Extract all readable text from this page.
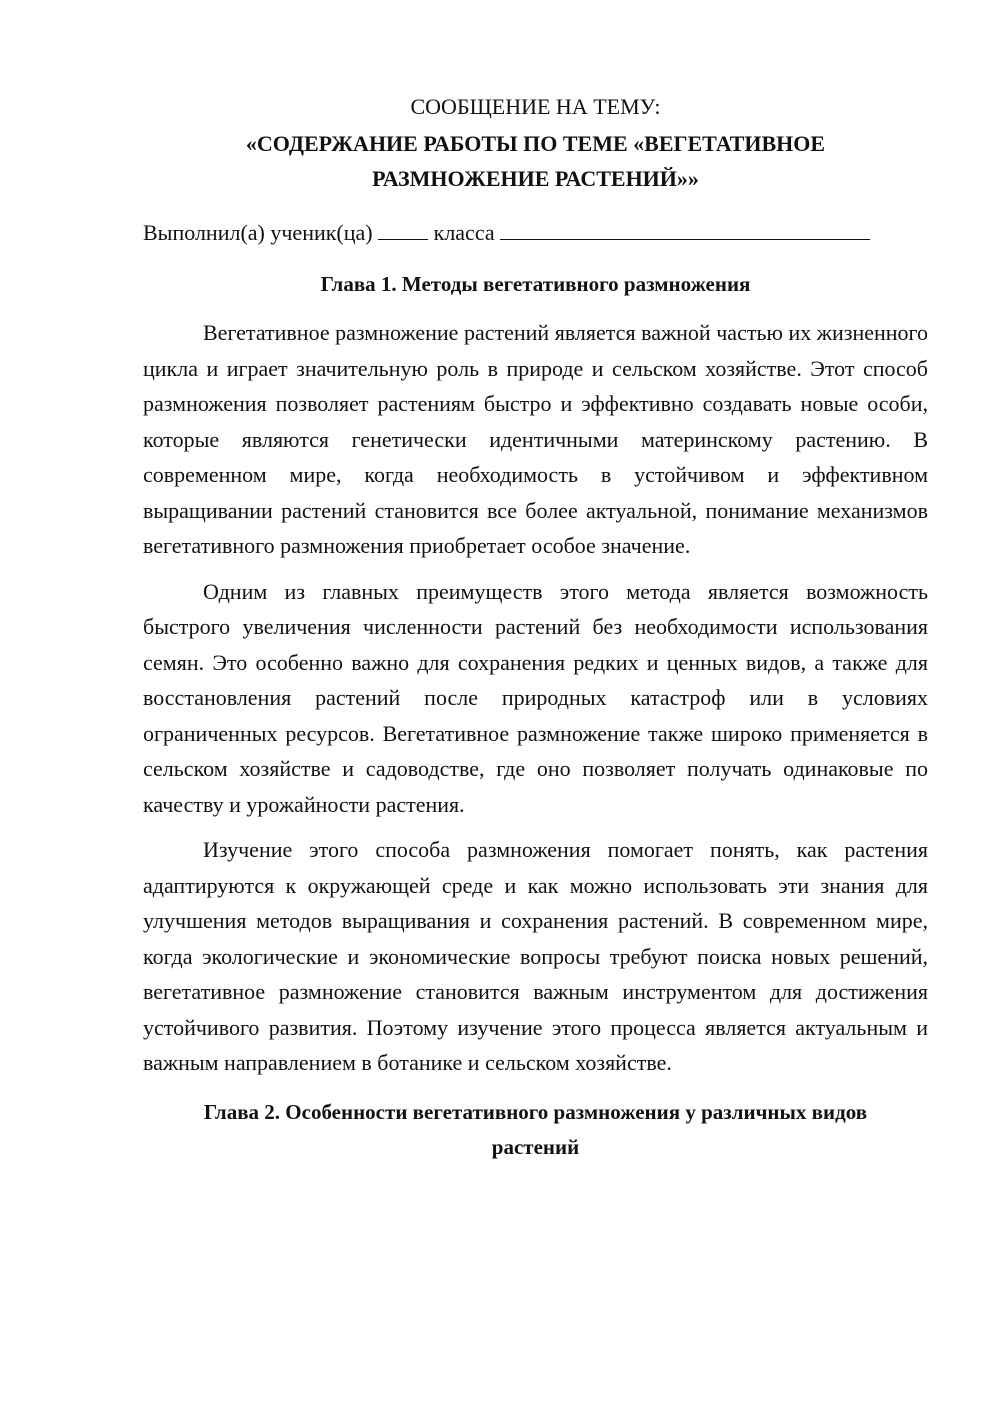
СООБЩЕНИЕ НА ТЕМУ:

«СОДЕРЖАНИЕ РАБОТЫ ПО ТЕМЕ «ВЕГЕТАТИВНОЕ
РАЗМНОЖЕНИЕ РАСТЕНИЙ»»
Выполнил(а) ученик(ца)	класса
Глава 1. Методы вегетативного размножения

Вегетативное размножение растений является важной частью их жизненного цикла и играет значительную роль в природе и сельском хозяйстве. Этот способ размножения позволяет растениям быстро и эффективно создавать новые особи, которые являются генетически идентичными материнскому растению. В современном мире, когда необходимость в устойчивом и эффективном выращивании растений становится все более актуальной, понимание механизмов вегетативного размножения приобретает особое значение.

Одним из главных преимуществ этого метода является возможность быстрого увеличения численности растений без необходимости использования семян. Это особенно важно для сохранения редких и ценных видов, а также для восстановления растений после природных катастроф или в условиях ограниченных ресурсов. Вегетативное размножение также широко применяется в сельском хозяйстве и садоводстве, где оно позволяет получать одинаковые по качеству и урожайности растения.

Изучение этого способа размножения помогает понять, как растения адаптируются к окружающей среде и как можно использовать эти знания для улучшения методов выращивания и сохранения растений. В современном мире, когда экологические и экономические вопросы требуют поиска новых решений, вегетативное размножение становится важным инструментом для достижения устойчивого развития. Поэтому изучение этого процесса является актуальным и важным направлением в ботанике и сельском хозяйстве.

Глава 2. Особенности вегетативного размножения у различных видов
растений
